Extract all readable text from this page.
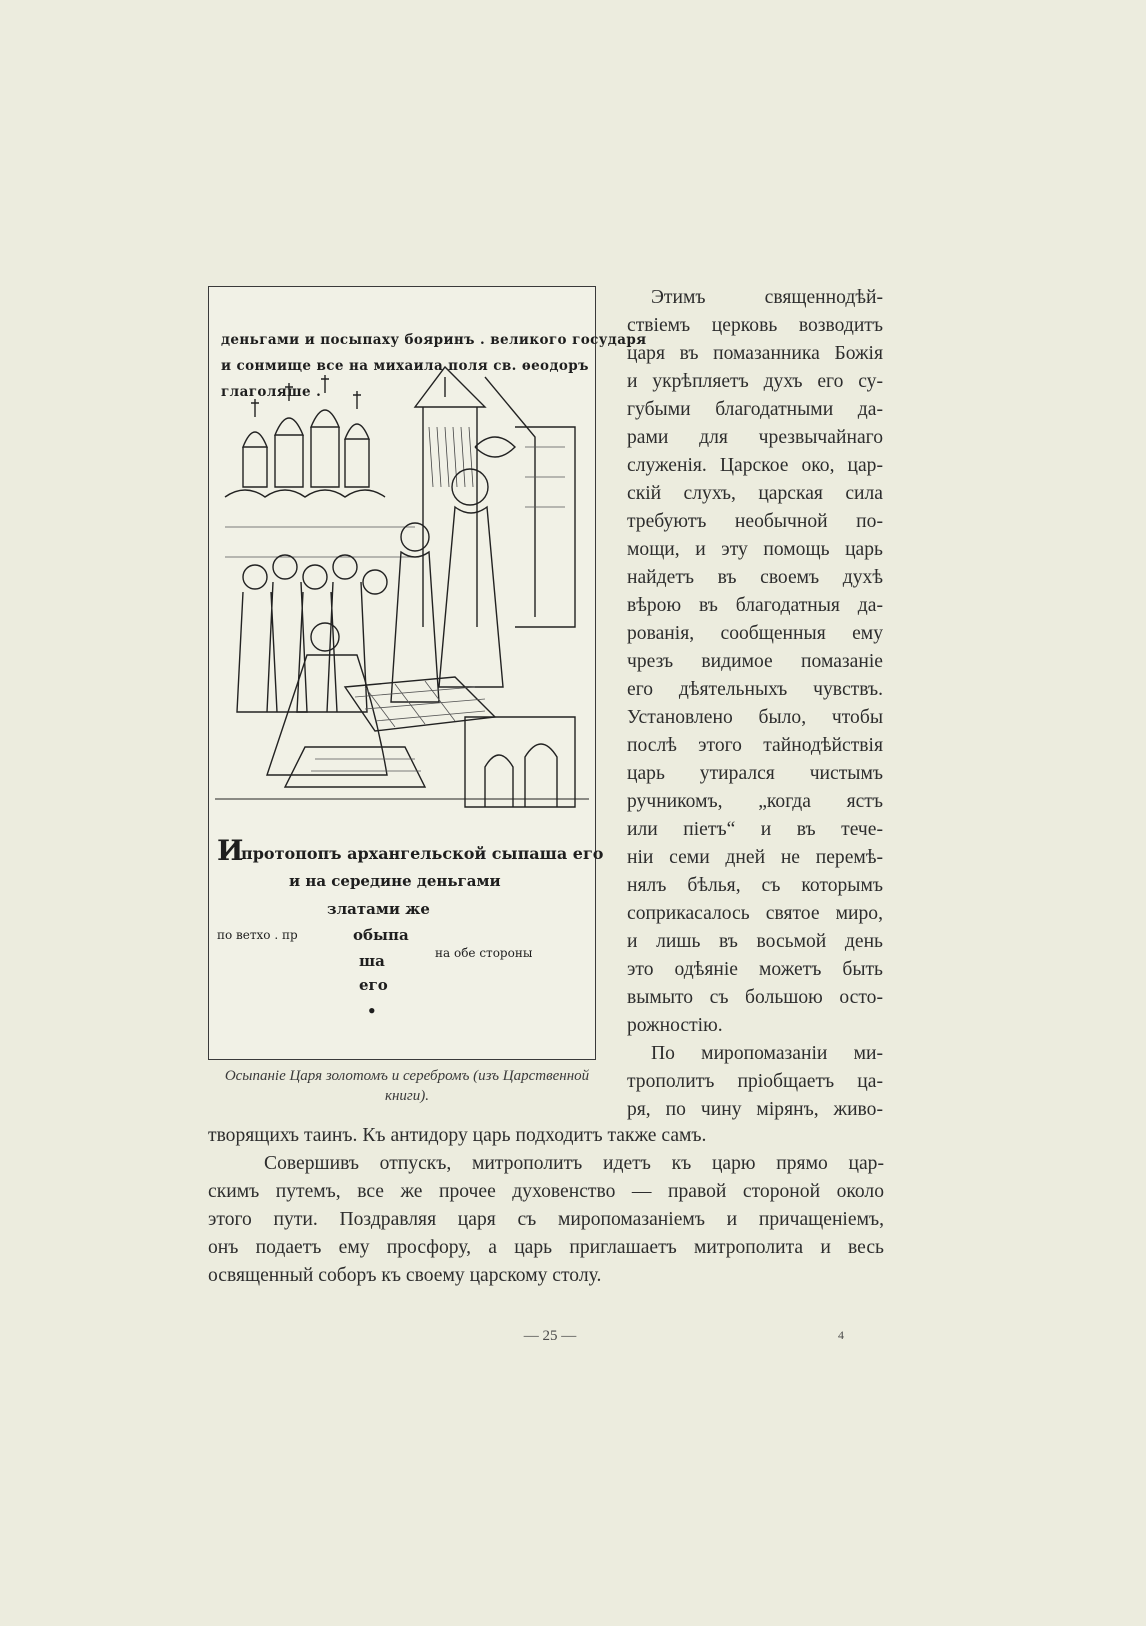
деньгами и посыпаху бояринъ . великого государя
и сонмище все на михаила поля св. ѳеодоръ
глаголяше .
И
протопопъ архангельской сыпаша его
и на середине деньгами
златами же
обыпа
по ветхо . пр
на обе стороны
ша
его
•
Осыпаніе Царя золотомъ и серебромъ (изъ Царственной книги).
Этимъ священнодѣй-
ствіемъ церковь возводитъ
царя въ помазанника Божія
и укрѣпляетъ духъ его су-
губыми благодатными да-
рами для чрезвычайнаго
служенія. Царское око, цар-
скій слухъ, царская сила
требуютъ необычной по-
мощи, и эту помощь царь
найдетъ въ своемъ духѣ
вѣрою въ благодатныя да-
рованія, сообщенныя ему
чрезъ видимое помазаніе
его дѣятельныхъ чувствъ.
Установлено было, чтобы
послѣ этого тайнодѣйствія
царь утирался чистымъ
ручникомъ, „когда ястъ
или піетъ“ и въ тече-
ніи семи дней не перемѣ-
нялъ бѣлья, съ которымъ
соприкасалось святое миро,
и лишь въ восьмой день
это одѣяніе можетъ быть
вымыто съ большою осто-
рожностію.
По миропомазаніи ми-
трополитъ пріобщаетъ ца-
ря, по чину мірянъ, живо-
творящихъ таинъ. Къ антидору царь подходитъ также самъ.
Совершивъ отпускъ, митрополитъ идетъ къ царю прямо цар-
скимъ путемъ, все же прочее духовенство — правой стороной около
этого пути. Поздравляя царя съ миропомазаніемъ и причащеніемъ,
онъ подаетъ ему просфору, а царь приглашаетъ митрополита и весь
освященный соборъ къ своему царскому столу.
— 25 —	4
